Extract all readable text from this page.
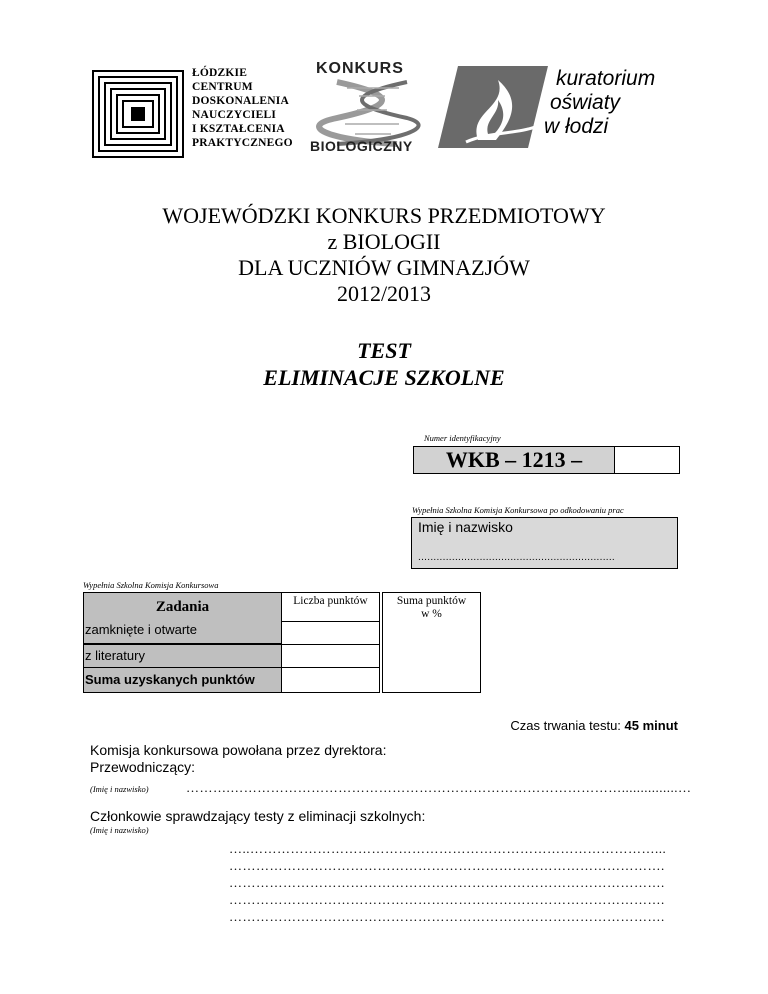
ŁÓDZKIE
CENTRUM
DOSKONALENIA
NAUCZYCIELI
I KSZTAŁCENIA
PRAKTYCZNEGO
KONKURS
BIOLOGICZNY
kuratorium
oświaty
w łodzi
WOJEWÓDZKI KONKURS PRZEDMIOTOWY
z BIOLOGII
DLA UCZNIÓW GIMNAZJÓW
2012/2013
TEST
ELIMINACJE SZKOLNE
Numer identyfikacyjny
WKB – 1213 –
Wypełnia Szkolna Komisja Konkursowa po odkodowaniu prac
Imię i nazwisko
................................................................
Wypełnia Szkolna Komisja Konkursowa
Zadania
zamknięte i otwarte
z literatury
Suma uzyskanych punktów
Liczba punktów	Suma punktów
w %
Czas trwania testu: 45 minut
Komisja konkursowa powołana przez dyrektora:
Przewodniczący:
(Imię i nazwisko)	……….……………………………………………………………………………...............…
Członkowie sprawdzający testy z eliminacji szkolnych:
(Imię i nazwisko)
…..………………………………………………………………………………...
…………………………………………………………………………………….
…………………………………………………………………………………….
…………………………………………………………………………………….
…………………………………………………………………………………….
